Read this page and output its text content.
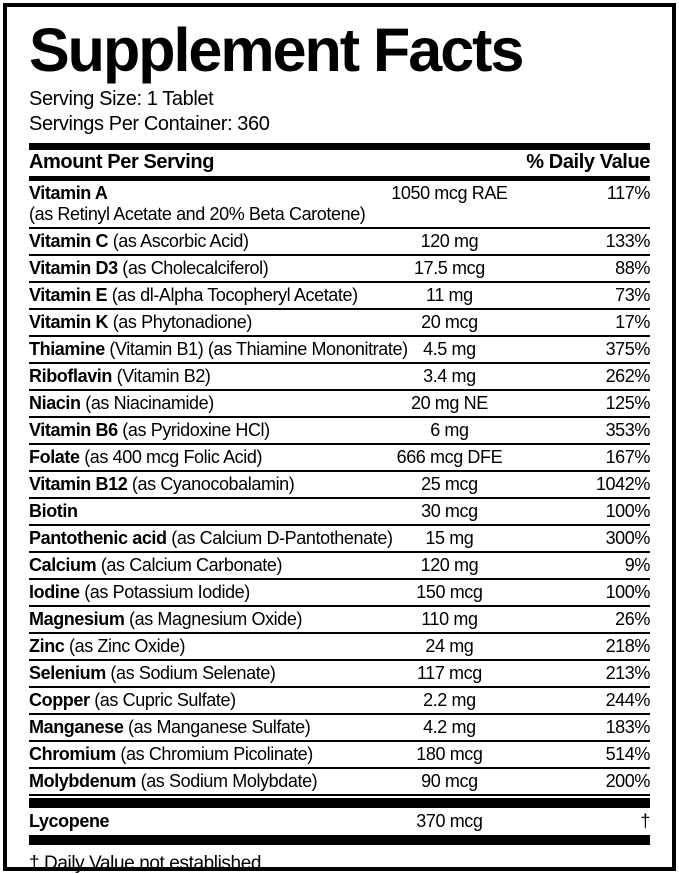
Supplement Facts
Serving Size: 1 Tablet
Servings Per Container: 360
Amount Per Serving	% Daily Value
Vitamin A	1050 mcg RAE	117%
(as Retinyl Acetate and 20% Beta Carotene)
Vitamin C (as Ascorbic Acid)	120 mg	133%
Vitamin D3 (as Cholecalciferol)	17.5 mcg	88%
Vitamin E (as dl-Alpha Tocopheryl Acetate)	11 mg	73%
Vitamin K (as Phytonadione)	20 mcg	17%
Thiamine (Vitamin B1) (as Thiamine Mononitrate) 4.5 mg	375%
Riboflavin (Vitamin B2)	3.4 mg	262%
Niacin (as Niacinamide)	20 mg NE	125%
Vitamin B6 (as Pyridoxine HCl)	6 mg	353%
Folate (as 400 mcg Folic Acid)	666 mcg DFE	167%
Vitamin B12 (as Cyanocobalamin)	25 mcg	1042%
Biotin	30 mcg	100%
Pantothenic acid (as Calcium D-Pantothenate)	15 mg	300%
Calcium (as Calcium Carbonate)	120 mg	9%
Iodine (as Potassium Iodide)	150 mcg	100%
Magnesium (as Magnesium Oxide)	110 mg	26%
Zinc (as Zinc Oxide)	24 mg	218%
Selenium (as Sodium Selenate)	117 mcg	213%
Copper (as Cupric Sulfate)	2.2 mg	244%
Manganese (as Manganese Sulfate)	4.2 mg	183%
Chromium (as Chromium Picolinate)	180 mcg	514%
Molybdenum (as Sodium Molybdate)	90 mcg	200%
Lycopene	370 mcg	†
† Daily Value not established
